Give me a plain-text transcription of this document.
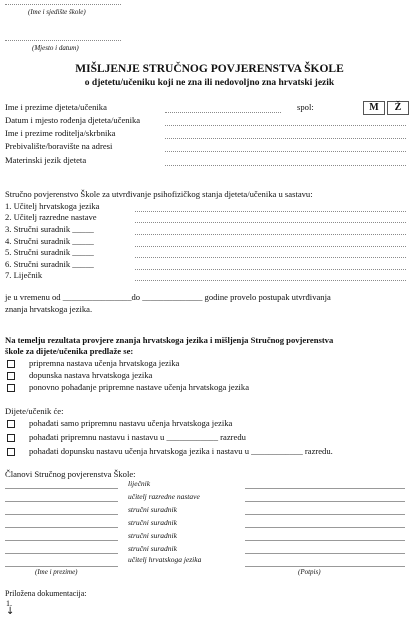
(Ime i sjedište škole)
(Mjesto i datum)
MIŠLJENJE STRUČNOG POVJERENSTVA ŠKOLE
o djetetu/učeniku koji ne zna ili nedovoljno zna hrvatski jezik
Ime i prezime djeteta/učenika	spol:	M	Ž
Datum i mjesto rođenja djeteta/učenika
Ime i prezime roditelja/skrbnika
Prebivalište/boravište na adresi
Materinski jezik djeteta
Stručno povjerenstvo Škole za utvrđivanje psihofizičkog stanja djeteta/učenika u sastavu:
1. Učitelj hrvatskoga jezika
2. Učitelj razredne nastave
3. Stručni suradnik _____
4. Stručni suradnik _____
5. Stručni suradnik _____
6. Stručni suradnik _____
7. Liječnik
je u vremenu od ________________do ______________ godine provelo postupak utvrđivanja
znanja hrvatskoga jezika.
Na temelju rezultata provjere znanja hrvatskoga jezika i mišljenja Stručnog povjerenstva
škole za dijete/učenika predlaže se:
pripremna nastava učenja hrvatskoga jezika
dopunska nastava hrvatskoga jezika
ponovno pohađanje pripremne nastave učenja hrvatskoga jezika
Dijete/učenik će:
pohađati samo pripremnu nastavu učenja hrvatskoga jezika
pohađati pripremnu nastavu i nastavu u ____________ razredu
pohađati dopunsku nastavu učenja hrvatskoga jezika i nastavu u ____________ razredu.
Članovi Stručnog povjerenstva Škole:
liječnik
učitelj razredne nastave
stručni suradnik
stručni suradnik
stručni suradnik
stručni suradnik
učitelj hrvatskoga jezika
(Ime i prezime)	(Potpis)
Priložena dokumentacija:
1.
↓
